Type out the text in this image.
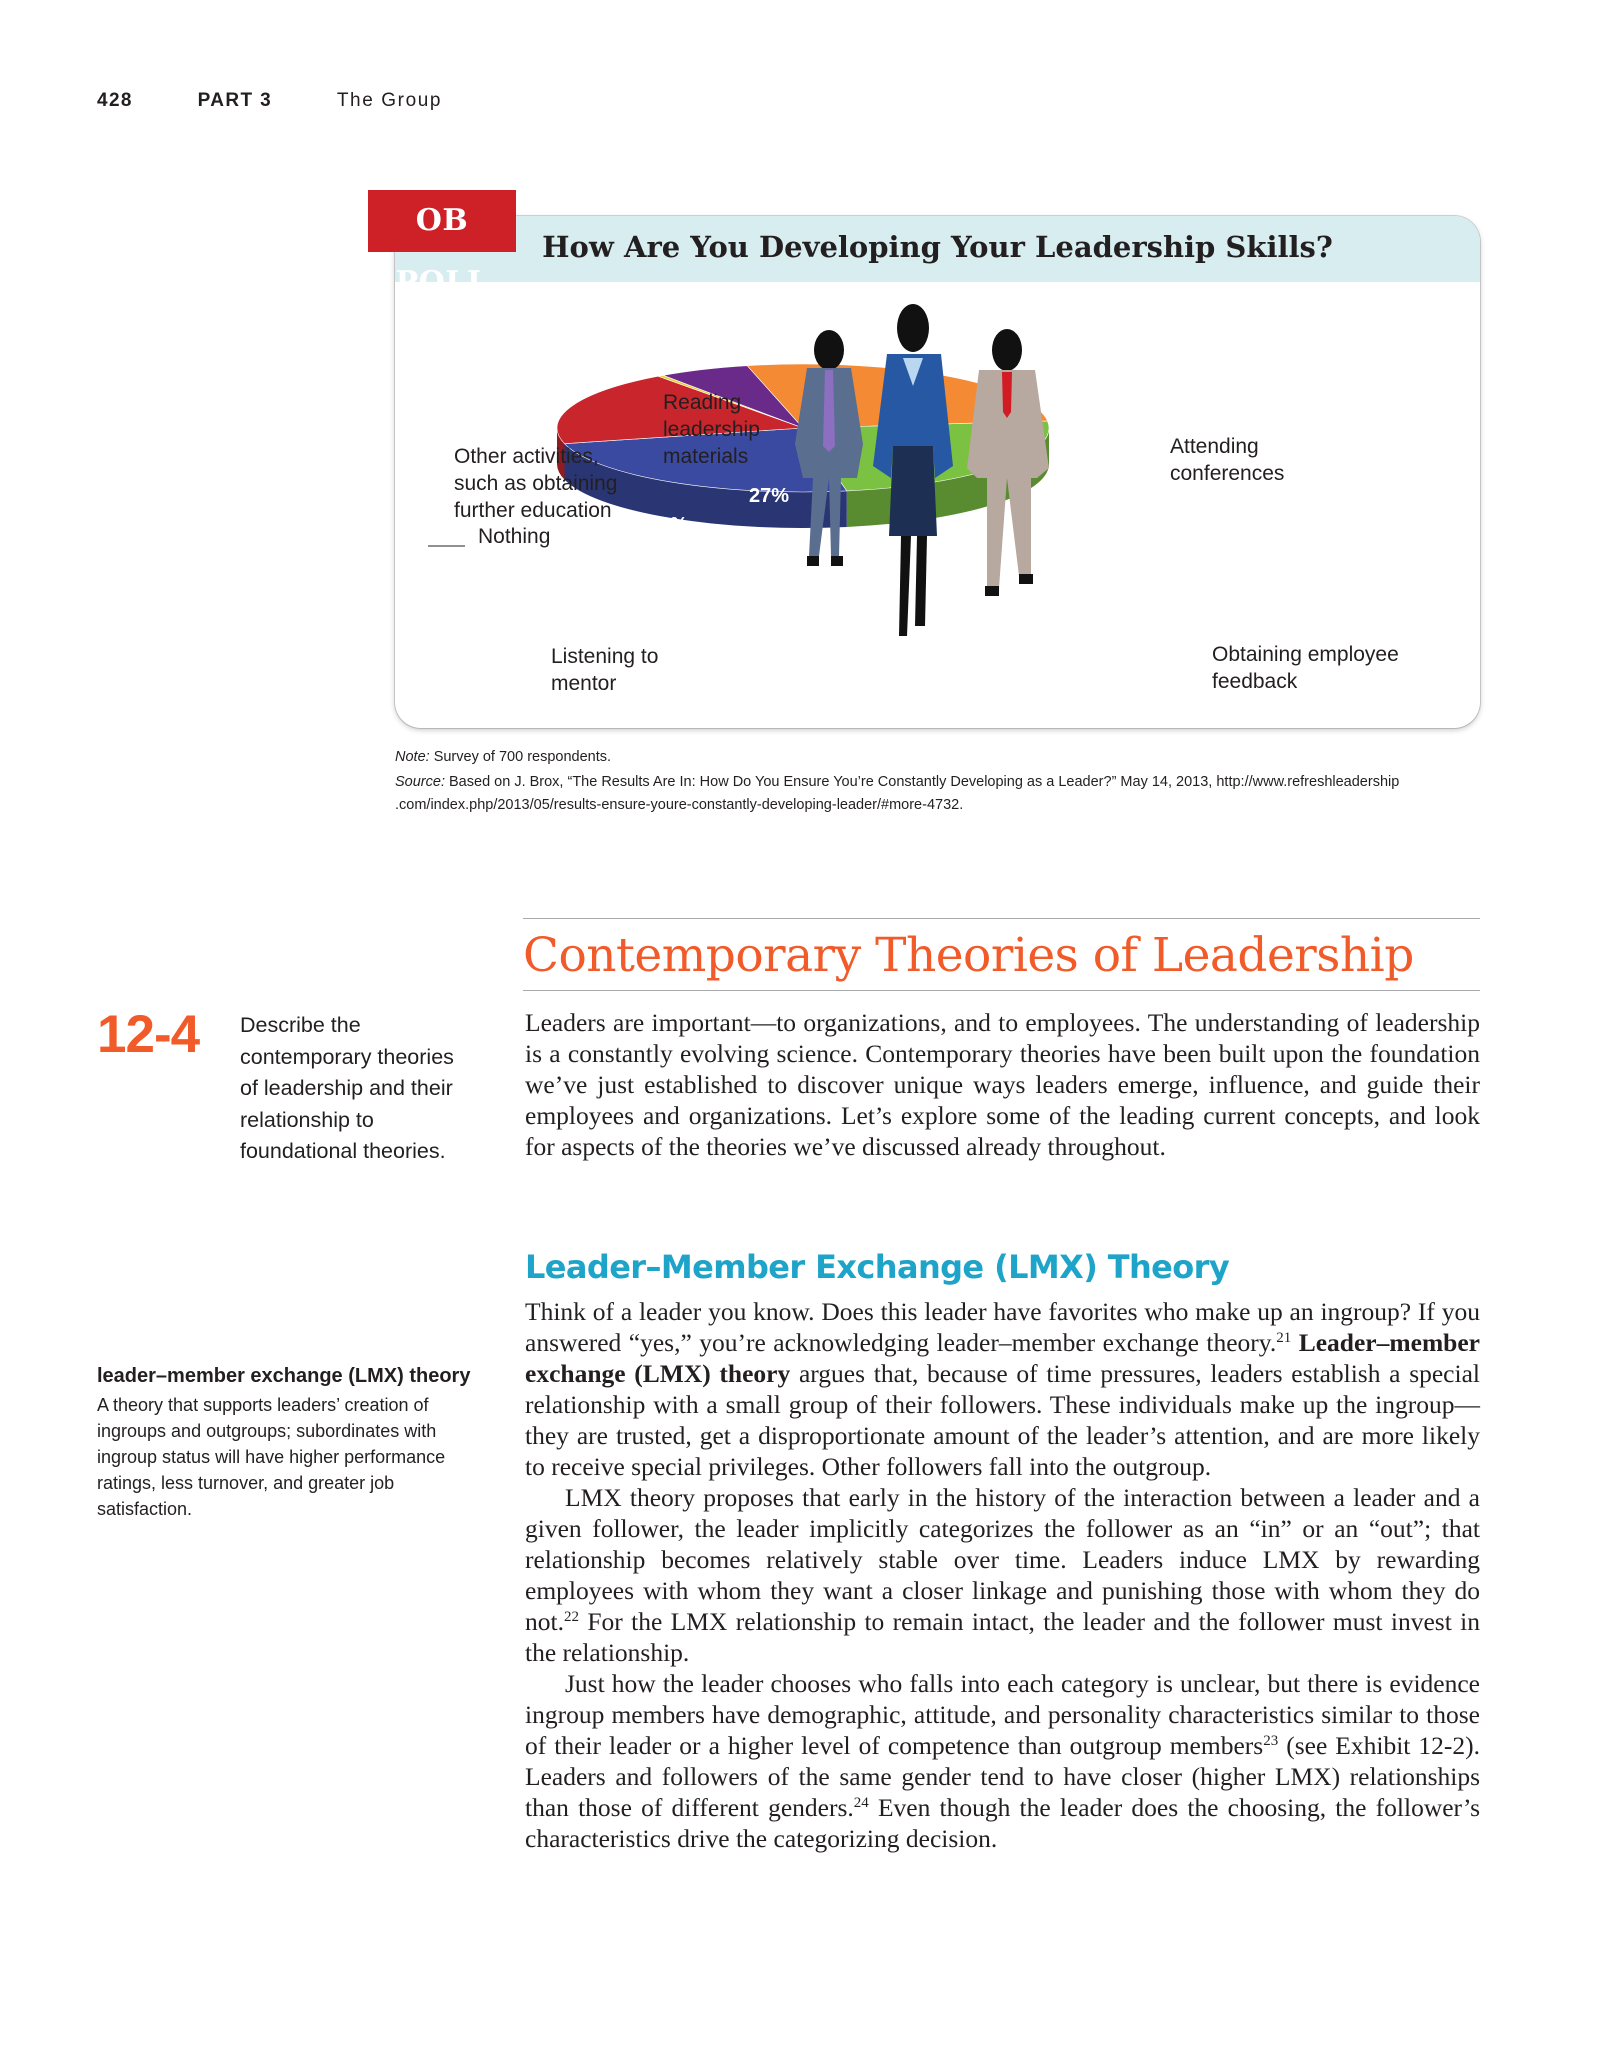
428	PART 3	The Group
How Are You Developing Your Leadership Skills?
OB POLL
Reading leadership materials
Other activities, such as obtaining further education
Nothing
Attending conferences
Obtaining employee feedback
Listening to mentor
27%
6%
24%
19%	24%
Note: Survey of 700 respondents.
Source: Based on J. Brox, “The Results Are In: How Do You Ensure You’re Constantly Developing as a Leader?” May 14, 2013, http://www.refreshleadership .com/index.php/2013/05/results-ensure-youre-constantly-developing-leader/#more-4732.
Contemporary Theories of Leadership
12-4 Describe the contemporary theories of leadership and their relationship to foundational theories.

Leaders are important—to organizations, and to employees. The understanding of leadership is a constantly evolving science. Contemporary theories have been built upon the foundation we’ve just established to discover unique ways leaders emerge, influence, and guide their employees and organizations. Let’s explore some of the leading current concepts, and look for aspects of the theories we’ve discussed already throughout.

Leader–Member Exchange (LMX) Theory

Think of a leader you know. Does this leader have favorites who make up an ingroup? If you answered “yes,” you’re acknowledging leader–member exchange theory.$^{21}$ Leader–member exchange (LMX) theory argues that, because of time pressures, leaders establish a special relationship with a small group of their followers. These individuals make up the ingroup—they are trusted, get a disproportionate amount of the leader’s attention, and are more likely to receive special privileges. Other followers fall into the outgroup.

LMX theory proposes that early in the history of the interaction between a leader and a given follower, the leader implicitly categorizes the follower as an “in” or an “out”; that relationship becomes relatively stable over time. Leaders induce LMX by rewarding employees with whom they want a closer linkage and punishing those with whom they do not.$^{22}$ For the LMX relationship to remain intact, the leader and the follower must invest in the relationship.

Just how the leader chooses who falls into each category is unclear, but there is evidence ingroup members have demographic, attitude, and personality characteristics similar to those of their leader or a higher level of competence than outgroup members$^{23}$ (see Exhibit 12-2). Leaders and followers of the same gender tend to have closer (higher LMX) relationships than those of different genders.$^{24}$ Even though the leader does the choosing, the follower’s characteristics drive the categorizing decision.

leader–member exchange (LMX) theory
A theory that supports leaders’ creation of ingroups and outgroups; subordinates with ingroup status will have higher performance ratings, less turnover, and greater job satisfaction.
